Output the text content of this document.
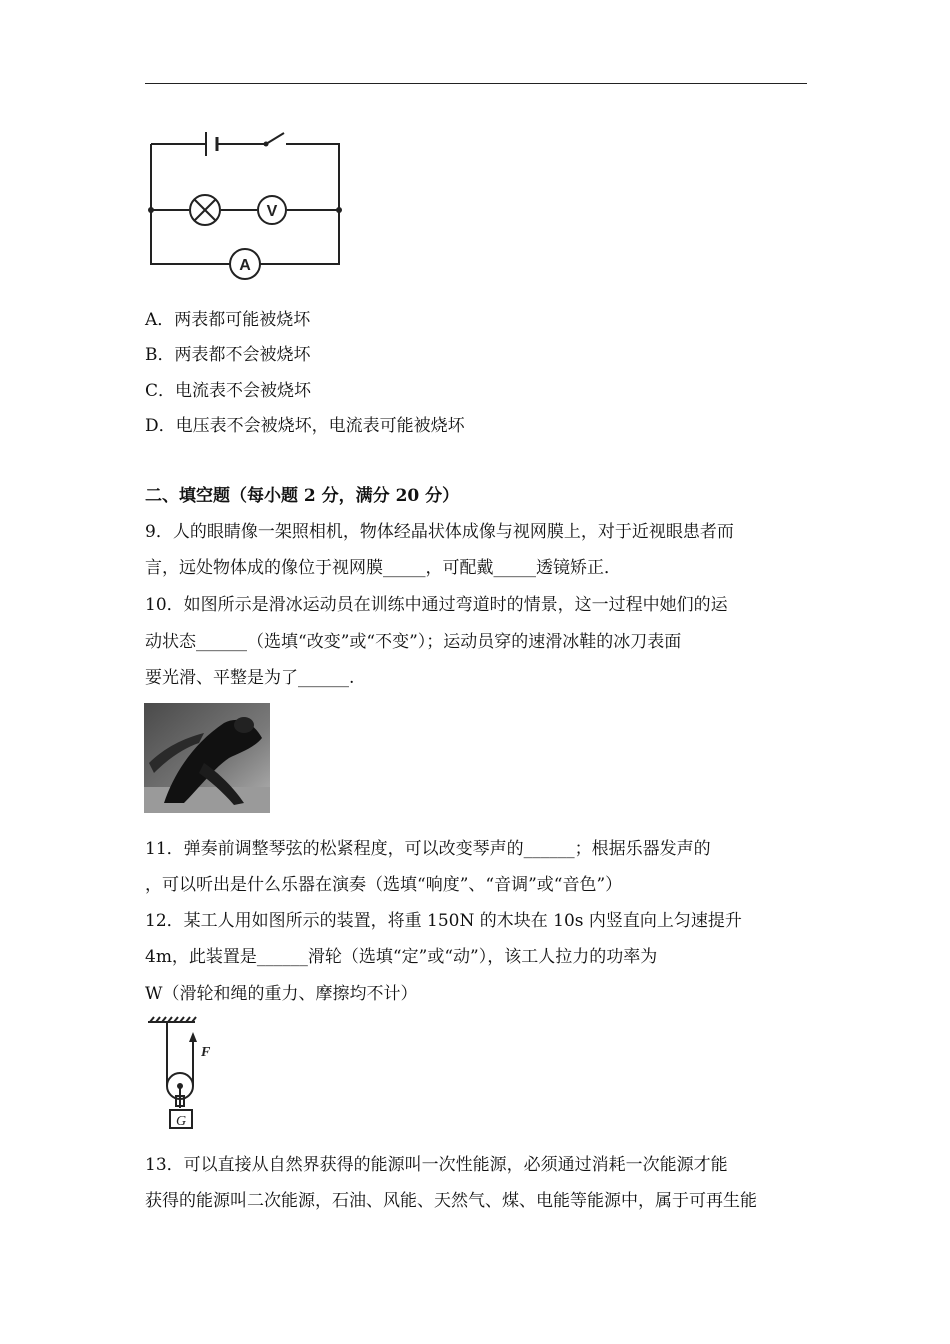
V
A
A．两表都可能被烧坏
B．两表都不会被烧坏
C．电流表不会被烧坏
D．电压表不会被烧坏，电流表可能被烧坏
二、填空题（每小题 2 分，满分 20 分）
9．人的眼睛像一架照相机，物体经晶状体成像与视网膜上，对于近视眼患者而
言，远处物体成的像位于视网膜_____，可配戴_____透镜矫正．
10．如图所示是滑冰运动员在训练中通过弯道时的情景，这一过程中她们的运
动状态______（选填“改变”或“不变”）；运动员穿的速滑冰鞋的冰刀表面
要光滑、平整是为了______.
11．弹奏前调整琴弦的松紧程度，可以改变琴声的______；根据乐器发声的
，可以听出是什么乐器在演奏（选填“响度”、“音调”或“音色”）
12．某工人用如图所示的装置，将重 150N 的木块在 10s 内竖直向上匀速提升
4m，此装置是______滑轮（选填“定”或“动”），该工人拉力的功率为
W（滑轮和绳的重力、摩擦均不计）
F
G
13．可以直接从自然界获得的能源叫一次性能源，必须通过消耗一次能源才能
获得的能源叫二次能源，石油、风能、天然气、煤、电能等能源中，属于可再生能
